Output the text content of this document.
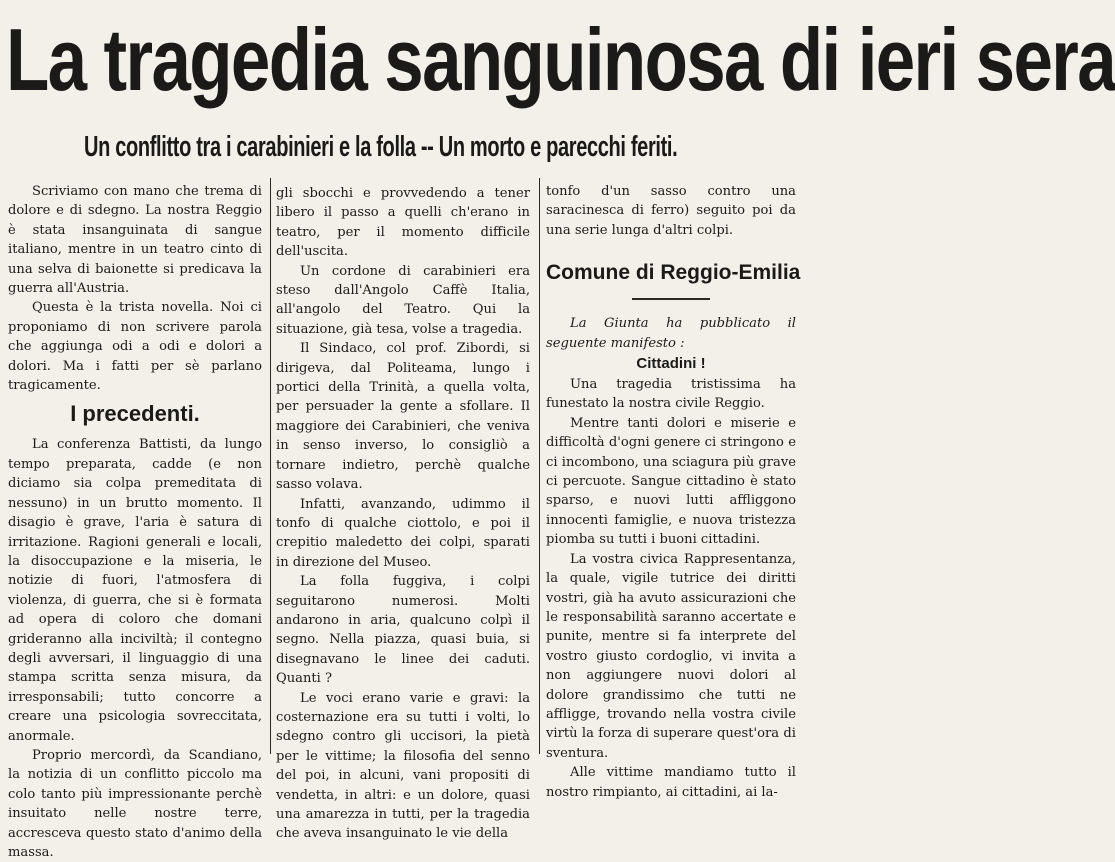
La tragedia sanguinosa di ieri sera
Un conflitto tra i carabinieri e la folla -- Un morto e parecchi feriti.

Scriviamo con mano che trema di dolore e di sdegno. La nostra Reggio è stata insanguinata di sangue italiano, mentre in un teatro cinto di una selva di baionette si predicava la guerra all'Austria.

Questa è la trista novella. Noi ci proponiamo di non scrivere parola che aggiunga odi a odi e dolori a dolori. Ma i fatti per sè parlano tragicamente.

I precedenti.

La conferenza Battisti, da lungo tempo preparata, cadde (e non diciamo sia colpa premeditata di nessuno) in un brutto momento. Il disagio è grave, l'aria è satura di irritazione. Ragioni generali e locali, la disoccupazione e la miseria, le notizie di fuori, l'atmosfera di violenza, di guerra, che si è formata ad opera di coloro che domani grideranno alla inciviltà; il contegno degli avversari, il linguaggio di una stampa scritta senza misura, da irresponsabili; tutto concorre a creare una psicologia sovreccitata, anormale.

Proprio mercordì, da Scandiano, la notizia di un conflitto piccolo ma colo tanto più impressionante perchè insuitato nelle nostre terre, accresceva questo stato d'animo della massa.

gli sbocchi e provvedendo a tener libero il passo a quelli ch'erano in teatro, per il momento difficile dell'uscita.

Un cordone di carabinieri era steso dall'Angolo Caffè Italia, all'angolo del Teatro. Qui la situazione, già tesa, volse a tragedia.

Il Sindaco, col prof. Zibordi, si dirigeva, dal Politeama, lungo i portici della Trinità, a quella volta, per persuader la gente a sfollare. Il maggiore dei Carabinieri, che veniva in senso inverso, lo consigliò a tornare indietro, perchè qualche sasso volava.

Infatti, avanzando, udimmo il tonfo di qualche ciottolo, e poi il crepitio maledetto dei colpi, sparati in direzione del Museo.

La folla fuggiva, i colpi seguitarono numerosi. Molti andarono in aria, qualcuno colpì il segno. Nella piazza, quasi buia, si disegnavano le linee dei caduti. Quanti ?

Le voci erano varie e gravi: la costernazione era su tutti i volti, lo sdegno contro gli uccisori, la pietà per le vittime; la filosofia del senno del poi, in alcuni, vani propositi di vendetta, in altri: e un dolore, quasi una amarezza in tutti, per la tragedia che aveva insanguinato le vie della

tonfo d'un sasso contro una saracinesca di ferro) seguito poi da una serie lunga d'altri colpi.

Comune di Reggio-Emilia

La Giunta ha pubblicato il seguente manifesto :

Cittadini !

Una tragedia tristissima ha funestato la nostra civile Reggio.

Mentre tanti dolori e miserie e difficoltà d'ogni genere ci stringono e ci incombono, una sciagura più grave ci percuote. Sangue cittadino è stato sparso, e nuovi lutti affliggono innocenti famiglie, e nuova tristezza piomba su tutti i buoni cittadini.

La vostra civica Rappresentanza, la quale, vigile tutrice dei diritti vostri, già ha avuto assicurazioni che le responsabilità saranno accertate e punite, mentre si fa interprete del vostro giusto cordoglio, vi invita a non aggiungere nuovi dolori al dolore grandissimo che tutti ne affligge, trovando nella vostra civile virtù la forza di superare quest'ora di sventura.

Alle vittime mandiamo tutto il nostro rimpianto, ai cittadini, ai la-
